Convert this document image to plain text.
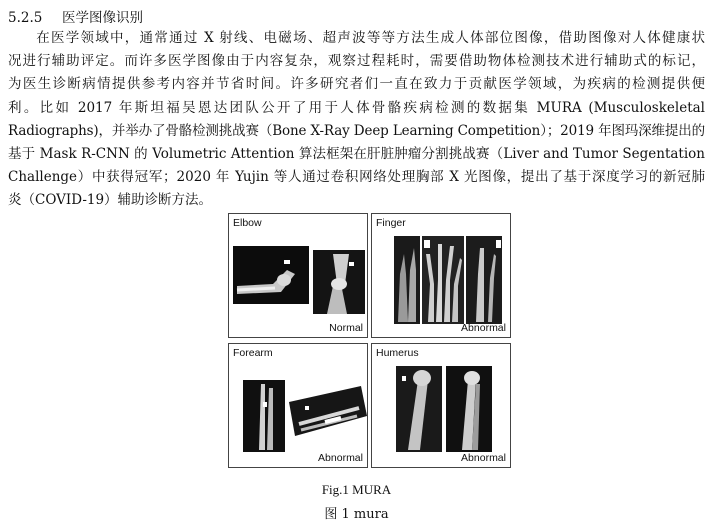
5.2.5 医学图像识别
在医学领域中，通常通过 X 射线、电磁场、超声波等等方法生成人体部位图像，借助图像对人体健康状
况进行辅助评定。而许多医学图像由于内容复杂，观察过程耗时，需要借助物体检测技术进行辅助式的标记，
为医生诊断病情提供参考内容并节省时间。许多研究者们一直在致力于贡献医学领域，为疾病的检测提供便
利。比如 2017 年斯坦福吴恩达团队公开了用于人体骨骼疾病检测的数据集 MURA (Musculoskeletal
Radiographs)，并举办了骨骼检测挑战赛（Bone X-Ray Deep Learning Competition）；2019 年图玛深维提出的
基于 Mask R-CNN 的 Volumetric Attention 算法框架在肝脏肿瘤分割挑战赛（Liver and Tumor Segentation
Challenge）中获得冠军；2020 年 Yujin 等人通过卷积网络处理胸部 X 光图像，提出了基于深度学习的新冠肺
炎（COVID-19）辅助诊断方法。
Elbow
Normal
Finger
Abnormal
Forearm
Abnormal
Humerus
Abnormal
Fig.1 MURA
图 1 mura
